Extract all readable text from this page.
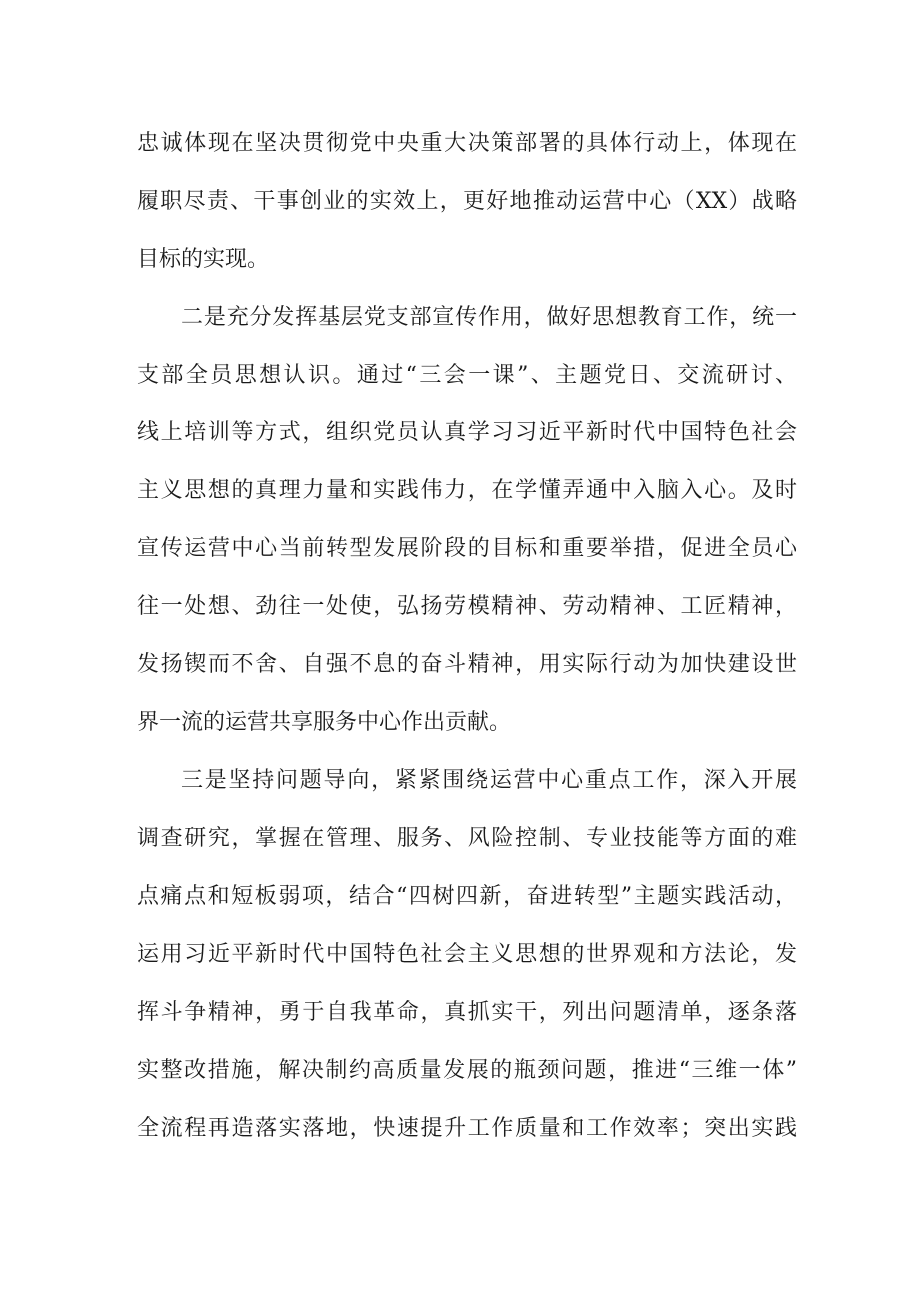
忠诚体现在坚决贯彻党中央重大决策部署的具体行动上，体现在
履职尽责、干事创业的实效上，更好地推动运营中心（XX）战略
目标的实现。
二是充分发挥基层党支部宣传作用，做好思想教育工作，统一
支部全员思想认识。通过“三会一课”、主题党日、交流研讨、
线上培训等方式，组织党员认真学习习近平新时代中国特色社会
主义思想的真理力量和实践伟力，在学懂弄通中入脑入心。及时
宣传运营中心当前转型发展阶段的目标和重要举措，促进全员心
往一处想、劲往一处使，弘扬劳模精神、劳动精神、工匠精神，
发扬锲而不舍、自强不息的奋斗精神，用实际行动为加快建设世
界一流的运营共享服务中心作出贡献。
三是坚持问题导向，紧紧围绕运营中心重点工作，深入开展
调查研究，掌握在管理、服务、风险控制、专业技能等方面的难
点痛点和短板弱项，结合“四树四新，奋进转型”主题实践活动，
运用习近平新时代中国特色社会主义思想的世界观和方法论，发
挥斗争精神，勇于自我革命，真抓实干，列出问题清单，逐条落
实整改措施，解决制约高质量发展的瓶颈问题，推进“三维一体”
全流程再造落实落地，快速提升工作质量和工作效率；突出实践
